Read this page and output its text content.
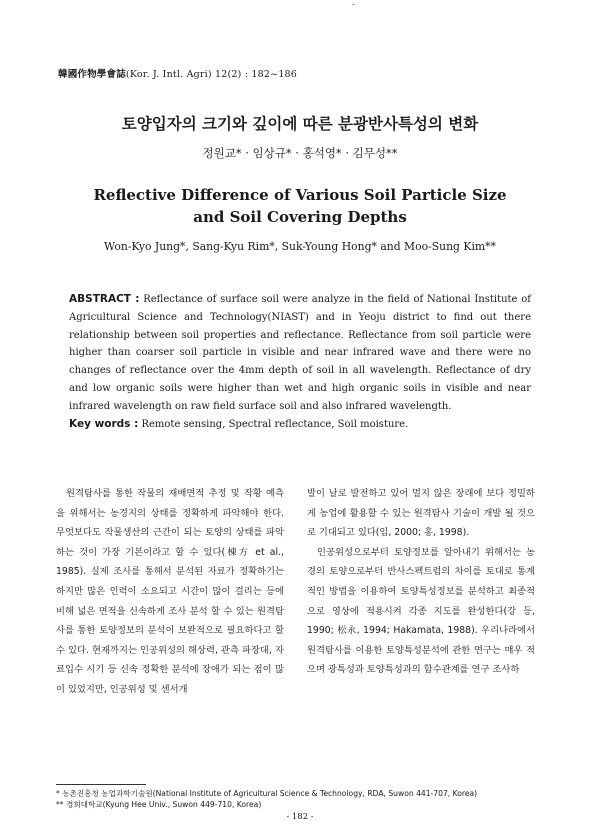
-
韓國作物學會誌(Kor. J. Intl. Agri) 12(2) : 182~186
토양입자의 크기와 깊이에 따른 분광반사특성의 변화
정원교* · 임상규* · 홍석영* · 김무성**
Reflective Difference of Various Soil Particle Size
and Soil Covering Depths
Won-Kyo Jung*, Sang-Kyu Rim*, Suk-Young Hong* and Moo-Sung Kim**
ABSTRACT : Reflectance of surface soil were analyze in the field of National Institute of Agricultural Science and Technology(NIAST) and in Yeoju district to find out there relationship between soil properties and reflectance. Reflectance from soil particle were higher than coarser soil particle in visible and near infrared wave and there were no changes of reflectance over the 4mm depth of soil in all wavelength. Reflectance of dry and low organic soils were higher than wet and high organic soils in visible and near infrared wavelength on raw field surface soil and also infrared wavelength.
Key words : Remote sensing, Spectral reflectance, Soil moisture.

원격탐사를 통한 작물의 재배면적 추정 및 작황 예측을 위해서는 농경지의 상태를 정확하게 파악해야 한다. 무엇보다도 작물생산의 근간이 되는 토양의 상태를 파악하는 것이 가장 기본이라고 할 수 있다(棟方 et al., 1985). 실제 조사를 통해서 분석된 자료가 정확하기는 하지만 많은 인력이 소요되고 시간이 많이 걸리는 등에 비해 넓은 면적을 신속하게 조사 분석 할 수 있는 원격탐사를 통한 토양정보의 분석이 보완적으로 필요하다고 할 수 있다. 현재까지는 인공위성의 해상력, 관측 파장대, 자료입수 시기 등 신속 정확한 분석에 장애가 되는 점이 많이 있었지만, 인공위성 및 센서개

발이 날로 발전하고 있어 멀지 않은 장래에 보다 정밀하게 농업에 활용할 수 있는 원격탐사 기술이 개발 될 것으로 기대되고 있다(임, 2000; 홍, 1998).

인공위성으로부터 토양정보를 알아내기 위해서는 농경의 토양으로부터 반사스펙트럼의 차이를 토대로 통계적인 방법을 이용하여 토양특성정보를 분석하고 최종적으로 영상에 적용시켜 각종 지도를 완성한다(강 등, 1990; 松永, 1994; Hakamata, 1988). 우리나라에서 원격탐사를 이용한 토양특성분석에 관한 연구는 매우 적으며 광특성과 토양특성과의 함수관계를 연구 조사하

* 농촌진흥청 농업과학기술원(National Institute of Agricultural Science & Technology, RDA, Suwon 441-707, Korea)
** 경희대학교(Kyung Hee Univ., Suwon 449-710, Korea)
- 182 -
